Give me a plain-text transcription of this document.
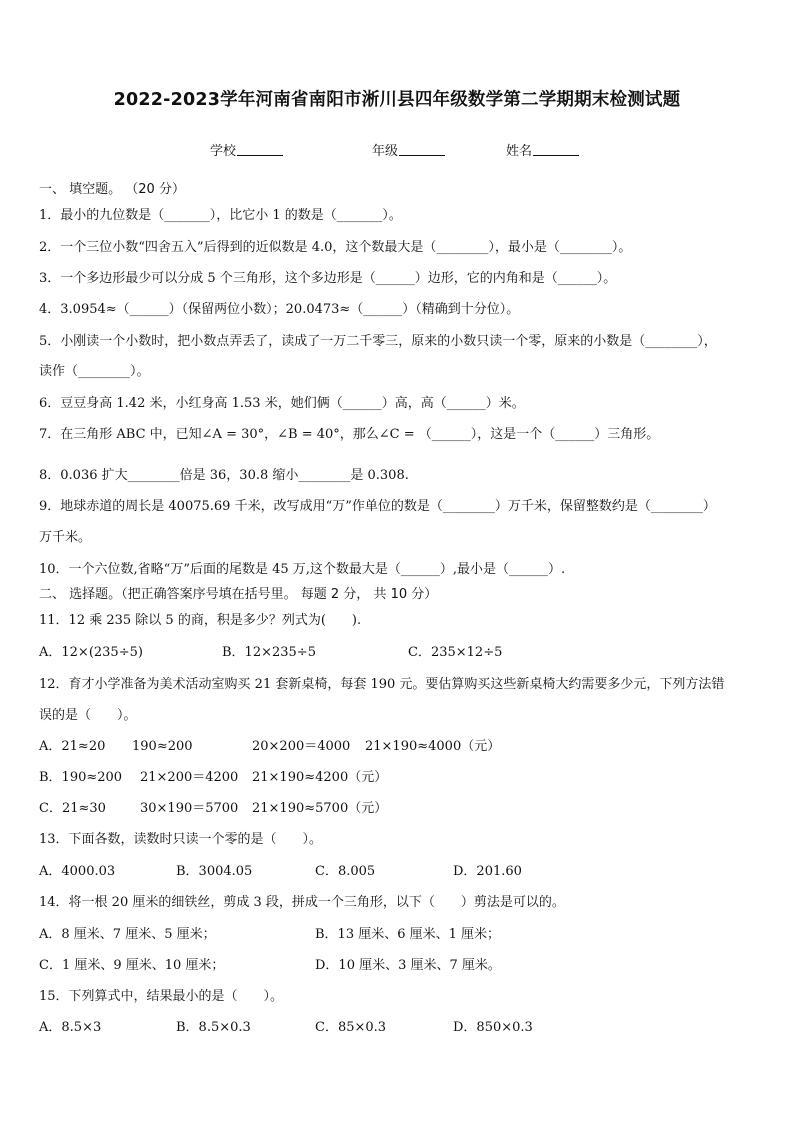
2022-2023学年河南省南阳市淅川县四年级数学第二学期期末检测试题
学校	年级	姓名
一、 填空题。 （20 分）
1．最小的九位数是（_______），比它小 1 的数是（_______）。
2．一个三位小数“四舍五入”后得到的近似数是 4.0，这个数最大是（________），最小是（________）。
3．一个多边形最少可以分成 5 个三角形，这个多边形是（______）边形，它的内角和是（______）。
4．3.0954≈（______）（保留两位小数）；20.0473≈（______）（精确到十分位）。
5．小刚读一个小数时，把小数点弄丢了，读成了一万二千零三，原来的小数只读一个零，原来的小数是（________），
读作（________）。
6．豆豆身高 1.42 米，小红身高 1.53 米，她们俩（______）高，高（______）米。
7．在三角形 ABC 中，已知∠A = 30°，∠B = 40°，那么∠C = （______），这是一个（______）三角形。
8．0.036 扩大________倍是 36，30.8 缩小________是 0.308.
9．地球赤道的周长是 40075.69 千米，改写成用“万”作单位的数是（________）万千米，保留整数约是（________）
万千米。
10．一个六位数,省略“万”后面的尾数是 45 万,这个数最大是（______）,最小是（______）.
二、 选择题。（把正确答案序号填在括号里。 每题 2 分， 共 10 分）
11．12 乘 235 除以 5 的商，积是多少？列式为(　　).
A．12×(235÷5)	B．12×235÷5	C．235×12÷5
12．育才小学准备为美术活动室购买 21 套新桌椅，每套 190 元。要估算购买这些新桌椅大约需要多少元，下列方法错
误的是（　　）。
A．21≈20 190≈200	20×200＝4000 21×190≈4000（元）
B．190≈200 21×200＝4200 21×190≈4200（元）
C．21≈30	30×190＝5700 21×190≈5700（元）
13．下面各数，读数时只读一个零的是（　　）。
A．4000.03	B．3004.05	C．8.005	D．201.60
14．将一根 20 厘米的细铁丝，剪成 3 段，拼成一个三角形，以下（　　）剪法是可以的。
A．8 厘米、7 厘米、5 厘米；	B．13 厘米、6 厘米、1 厘米；
C．1 厘米、9 厘米、10 厘米；	D．10 厘米、3 厘米、7 厘米。
15．下列算式中，结果最小的是（　　）。
A．8.5×3	B．8.5×0.3	C．85×0.3	D．850×0.3
